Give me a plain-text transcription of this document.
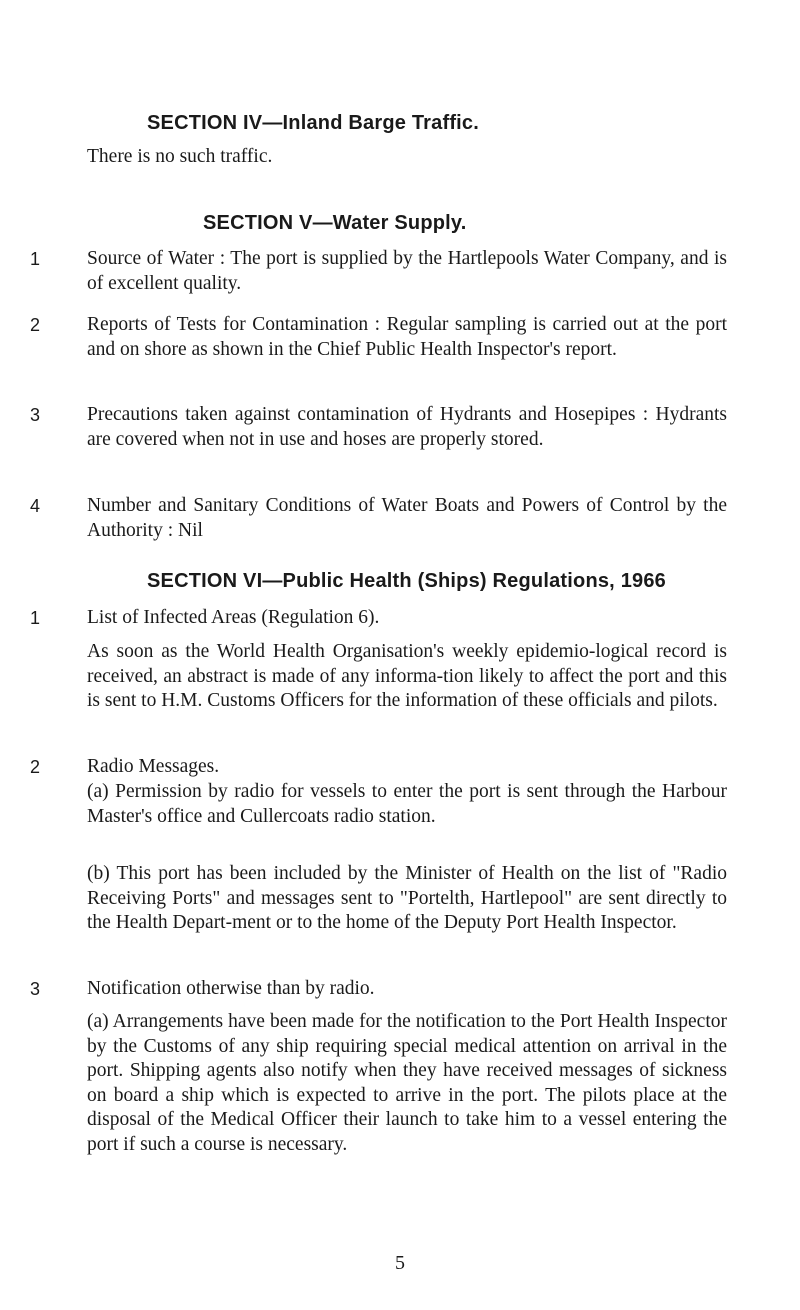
SECTION IV—Inland Barge Traffic.

There is no such traffic.

SECTION V—Water Supply.
1 Source of Water : The port is supplied by the Hartlepools Water Company, and is of excellent quality.

2 Reports of Tests for Contamination : Regular sampling is carried out at the port and on shore as shown in the Chief Public Health Inspector's report.

3 Precautions taken against contamination of Hydrants and Hosepipes : Hydrants are covered when not in use and hoses are properly stored.

4 Number and Sanitary Conditions of Water Boats and Powers of Control by the Authority : Nil

SECTION VI—Public Health (Ships) Regulations, 1966
1 List of Infected Areas (Regulation 6).

As soon as the World Health Organisation's weekly epidemio-logical record is received, an abstract is made of any informa-tion likely to affect the port and this is sent to H.M. Customs Officers for the information of these officials and pilots.

2 Radio Messages.

(a) Permission by radio for vessels to enter the port is sent through the Harbour Master's office and Cullercoats radio station.

(b) This port has been included by the Minister of Health on the list of "Radio Receiving Ports" and messages sent to "Portelth, Hartlepool" are sent directly to the Health Depart-ment or to the home of the Deputy Port Health Inspector.

3 Notification otherwise than by radio.

(a) Arrangements have been made for the notification to the Port Health Inspector by the Customs of any ship requiring special medical attention on arrival in the port. Shipping agents also notify when they have received messages of sickness on board a ship which is expected to arrive in the port. The pilots place at the disposal of the Medical Officer their launch to take him to a vessel entering the port if such a course is necessary.

5
